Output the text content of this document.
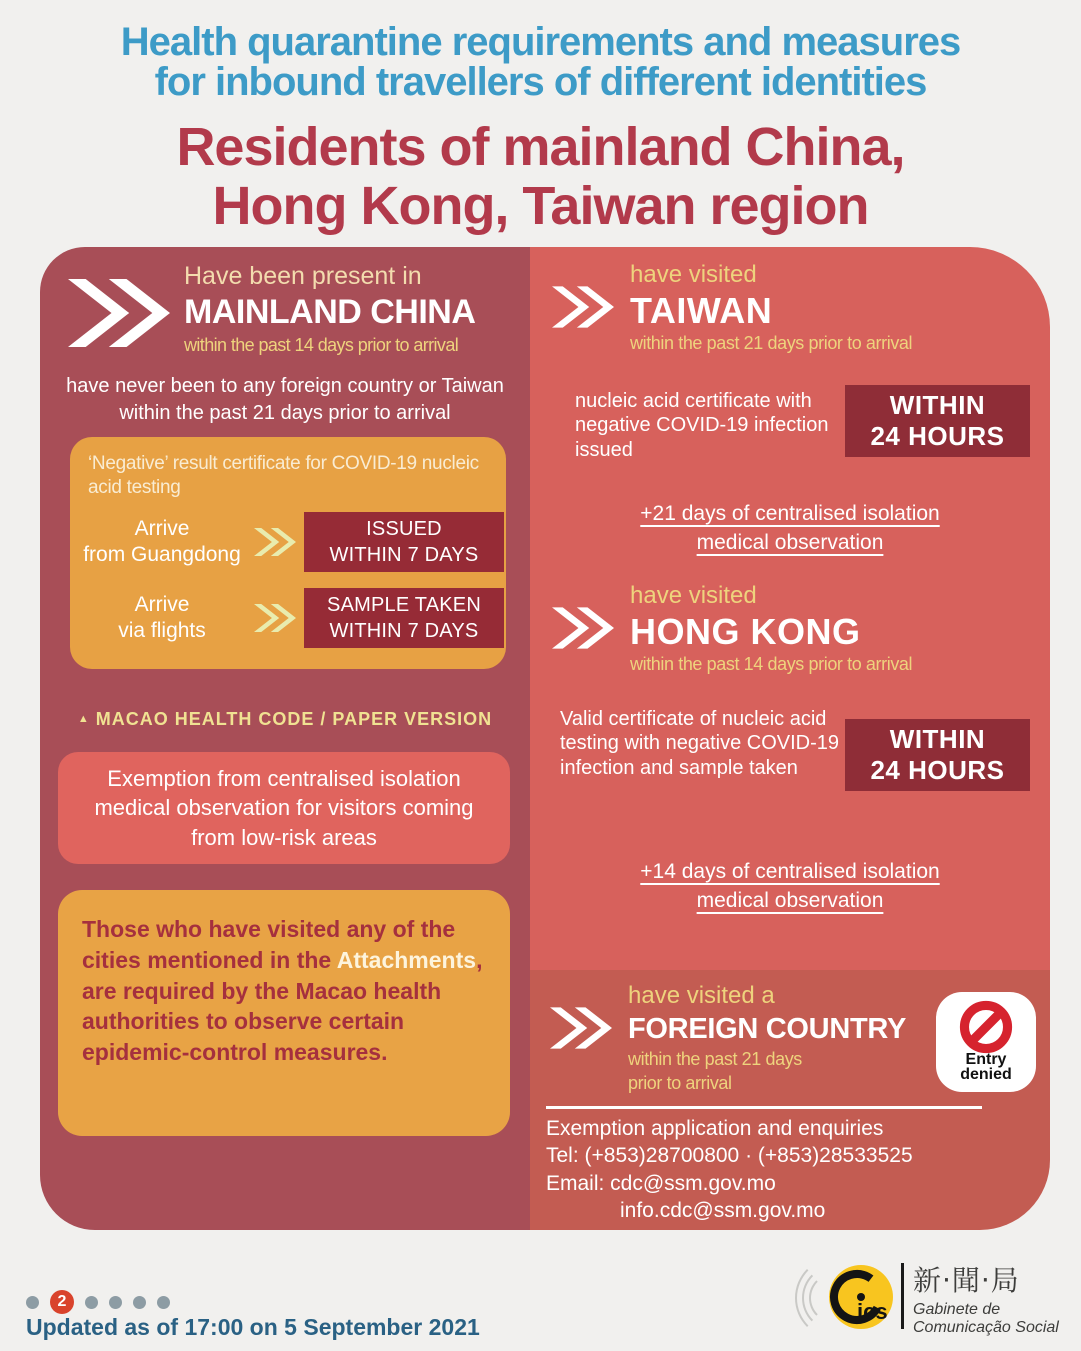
Health quarantine requirements and measures
for inbound travellers of different identities
Residents of mainland China,
Hong Kong, Taiwan region
Have been present in
MAINLAND CHINA
within the past 14 days prior to arrival
have never been to any foreign country or Taiwan within the past 21 days prior to arrival
‘Negative’ result certificate for COVID-19 nucleic acid testing
Arrive
from Guangdong
ISSUED
WITHIN 7 DAYS
Arrive
via flights
SAMPLE TAKEN
WITHIN 7 DAYS
▲ MACAO HEALTH CODE / PAPER VERSION
Exemption from centralised isolation medical observation for visitors coming from low-risk areas
Those who have visited any of the cities mentioned in the Attachments, are required by the Macao health authorities to observe certain epidemic-control measures.
have visited
TAIWAN
within the past 21 days prior to arrival
nucleic acid certificate with negative COVID-19 infection issued
WITHIN
24 HOURS
+21 days of centralised isolation medical observation
have visited
HONG KONG
within the past 14 days prior to arrival
Valid certificate of nucleic acid testing with negative COVID-19 infection and sample taken
WITHIN
24 HOURS
+14 days of centralised isolation medical observation
have visited a
FOREIGN COUNTRY
within the past 21 days
prior to arrival
Entry
denied
Exemption application and enquiries
Tel: (+853)28700800 · (+853)28533525
Email: cdc@ssm.gov.mo
info.cdc@ssm.gov.mo
2
Updated as of 17:00 on 5 September 2021
ics
新‧聞‧局
Gabinete de
Comunicação Social
